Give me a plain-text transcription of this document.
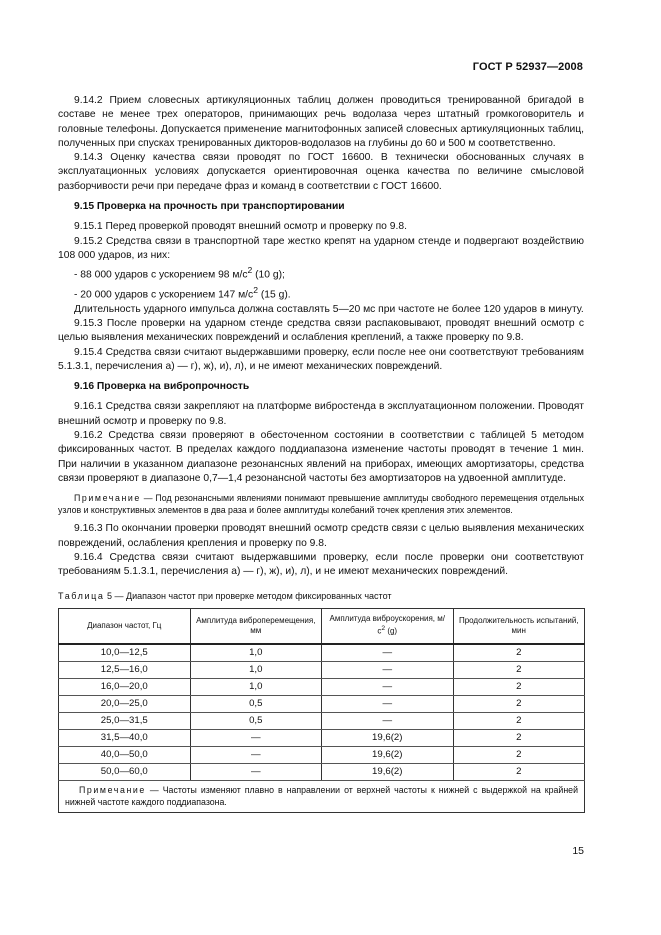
ГОСТ Р 52937—2008

9.14.2 Прием словесных артикуляционных таблиц должен проводиться тренированной бригадой в составе не менее трех операторов, принимающих речь водолаза через штатный громкоговоритель и головные телефоны. Допускается применение магнитофонных записей словесных артикуляционных таблиц, полученных при спусках тренированных дикторов-водолазов на глубины до 60 и 500 м соответственно.

9.14.3 Оценку качества связи проводят по ГОСТ 16600. В технически обоснованных случаях в эксплуатационных условиях допускается ориентировочная оценка качества по величине смысловой разборчивости речи при передаче фраз и команд в соответствии с ГОСТ 16600.

9.15 Проверка на прочность при транспортировании

9.15.1 Перед проверкой проводят внешний осмотр и проверку по 9.8.

9.15.2 Средства связи в транспортной таре жестко крепят на ударном стенде и подвергают воздействию 108 000 ударов, из них:

- 88 000 ударов с ускорением 98 $м/с^2$ (10 g);

- 20 000 ударов с ускорением 147 $м/с^2$ (15 g).

Длительность ударного импульса должна составлять 5—20 мс при частоте не более 120 ударов в минуту.

9.15.3 После проверки на ударном стенде средства связи распаковывают, проводят внешний осмотр с целью выявления механических повреждений и ослабления креплений, а также проверку по 9.8.

9.15.4 Средства связи считают выдержавшими проверку, если после нее они соответствуют требованиям 5.1.3.1, перечисления а) — г), ж), и), л), и не имеют механических повреждений.

9.16 Проверка на вибропрочность

9.16.1 Средства связи закрепляют на платформе вибростенда в эксплуатационном положении. Проводят внешний осмотр и проверку по 9.8.

9.16.2 Средства связи проверяют в обесточенном состоянии в соответствии с таблицей 5 методом фиксированных частот. В пределах каждого поддиапазона изменение частоты проводят в течение 1 мин. При наличии в указанном диапазоне резонансных явлений на приборах, имеющих амортизаторы, средства связи проверяют в диапазоне 0,7—1,4 резонансной частоты без амортизаторов на удвоенной амплитуде.

Примечание — Под резонансными явлениями понимают превышение амплитуды свободного перемещения отдельных узлов и конструктивных элементов в два раза и более амплитуды колебаний точек крепления этих элементов.

9.16.3 По окончании проверки проводят внешний осмотр средств связи с целью выявления механических повреждений, ослабления крепления и проверку по 9.8.

9.16.4 Средства связи считают выдержавшими проверку, если после проверки они соответствуют требованиям 5.1.3.1, перечисления а) — г), ж), и), л), и не имеют механических повреждений.

Таблица 5 — Диапазон частот при проверке методом фиксированных частот

Диапазон частот, Гц	Амплитуда виброперемещения, мм	Амплитуда виброускорения, $м/с^2$ (g)	Продолжительность испытаний, мин
10,0—12,5	1,0	—	2
12,5—16,0	1,0	—	2
16,0—20,0	1,0	—	2
20,0—25,0	0,5	—	2
25,0—31,5	0,5	—	2
31,5—40,0	—	19,6(2)	2
40,0—50,0	—	19,6(2)	2
50,0—60,0	—	19,6(2)	2
Примечание — Частоты изменяют плавно в направлении от верхней частоты к нижней с выдержкой на крайней нижней частоте каждого поддиапазона.			
15
